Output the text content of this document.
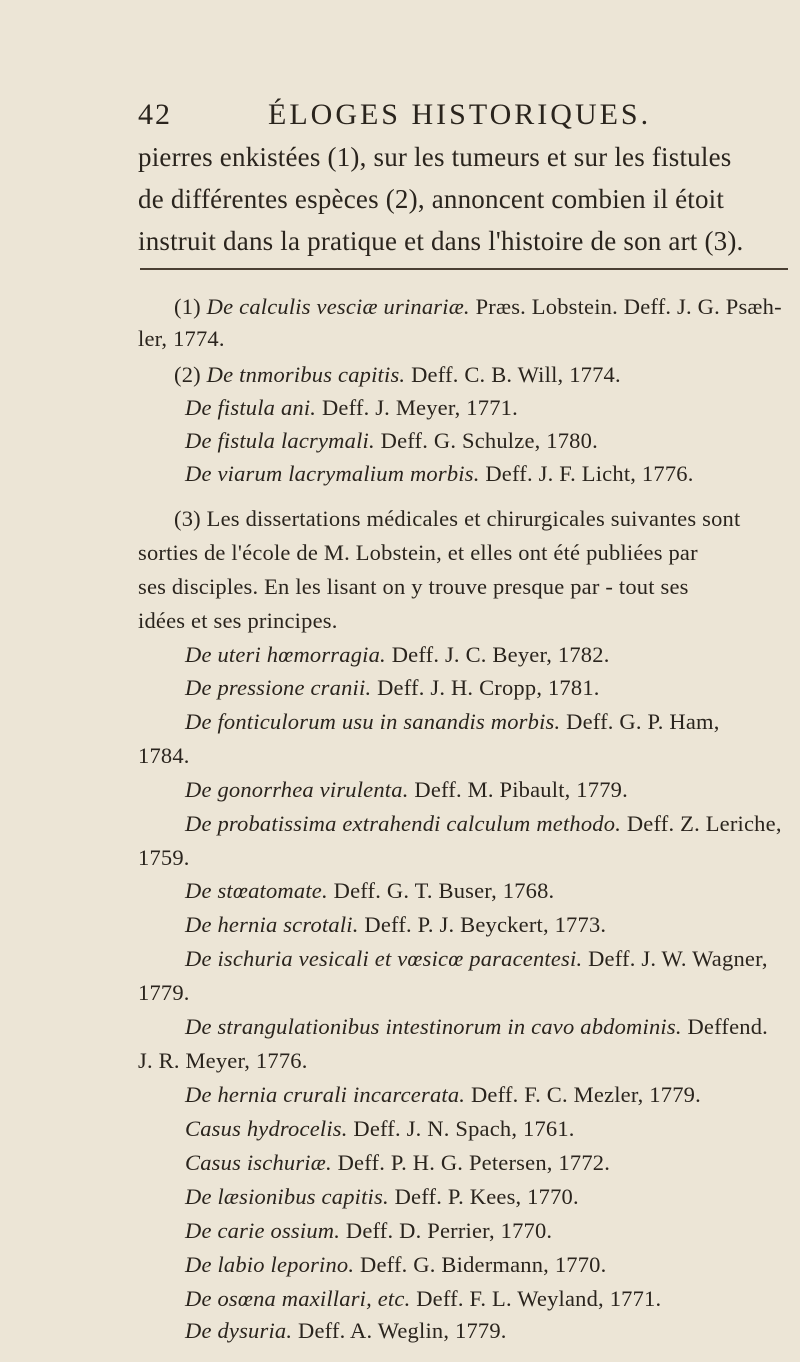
42	ÉLOGES HISTORIQUES.
pierres enkistées (1), sur les tumeurs et sur les fistules
de différentes espèces (2), annoncent combien il étoit
instruit dans la pratique et dans l'histoire de son art (3).
(1) De calculis vesciæ urinariæ. Præs. Lobstein. Deff. J. G. Psæh-
ler, 1774.
(2) De tnmoribus capitis. Deff. C. B. Will, 1774.
De fistula ani. Deff. J. Meyer, 1771.
De fistula lacrymali. Deff. G. Schulze, 1780.
De viarum lacrymalium morbis. Deff. J. F. Licht, 1776.
(3) Les dissertations médicales et chirurgicales suivantes sont
sorties de l'école de M. Lobstein, et elles ont été publiées par
ses disciples. En les lisant on y trouve presque par - tout ses
idées et ses principes.
De uteri hœmorragia. Deff. J. C. Beyer, 1782.
De pressione cranii. Deff. J. H. Cropp, 1781.
De fonticulorum usu in sanandis morbis. Deff. G. P. Ham,
1784.
De gonorrhea virulenta. Deff. M. Pibault, 1779.
De probatissima extrahendi calculum methodo. Deff. Z. Leriche,
1759.
De stœatomate. Deff. G. T. Buser, 1768.
De hernia scrotali. Deff. P. J. Beyckert, 1773.
De ischuria vesicali et vœsicœ paracentesi. Deff. J. W. Wagner,
1779.
De strangulationibus intestinorum in cavo abdominis. Deffend.
J. R. Meyer, 1776.
De hernia crurali incarcerata. Deff. F. C. Mezler, 1779.
Casus hydrocelis. Deff. J. N. Spach, 1761.
Casus ischuriæ. Deff. P. H. G. Petersen, 1772.
De læsionibus capitis. Deff. P. Kees, 1770.
De carie ossium. Deff. D. Perrier, 1770.
De labio leporino. Deff. G. Bidermann, 1770.
De osœna maxillari, etc. Deff. F. L. Weyland, 1771.
De dysuria. Deff. A. Weglin, 1779.
